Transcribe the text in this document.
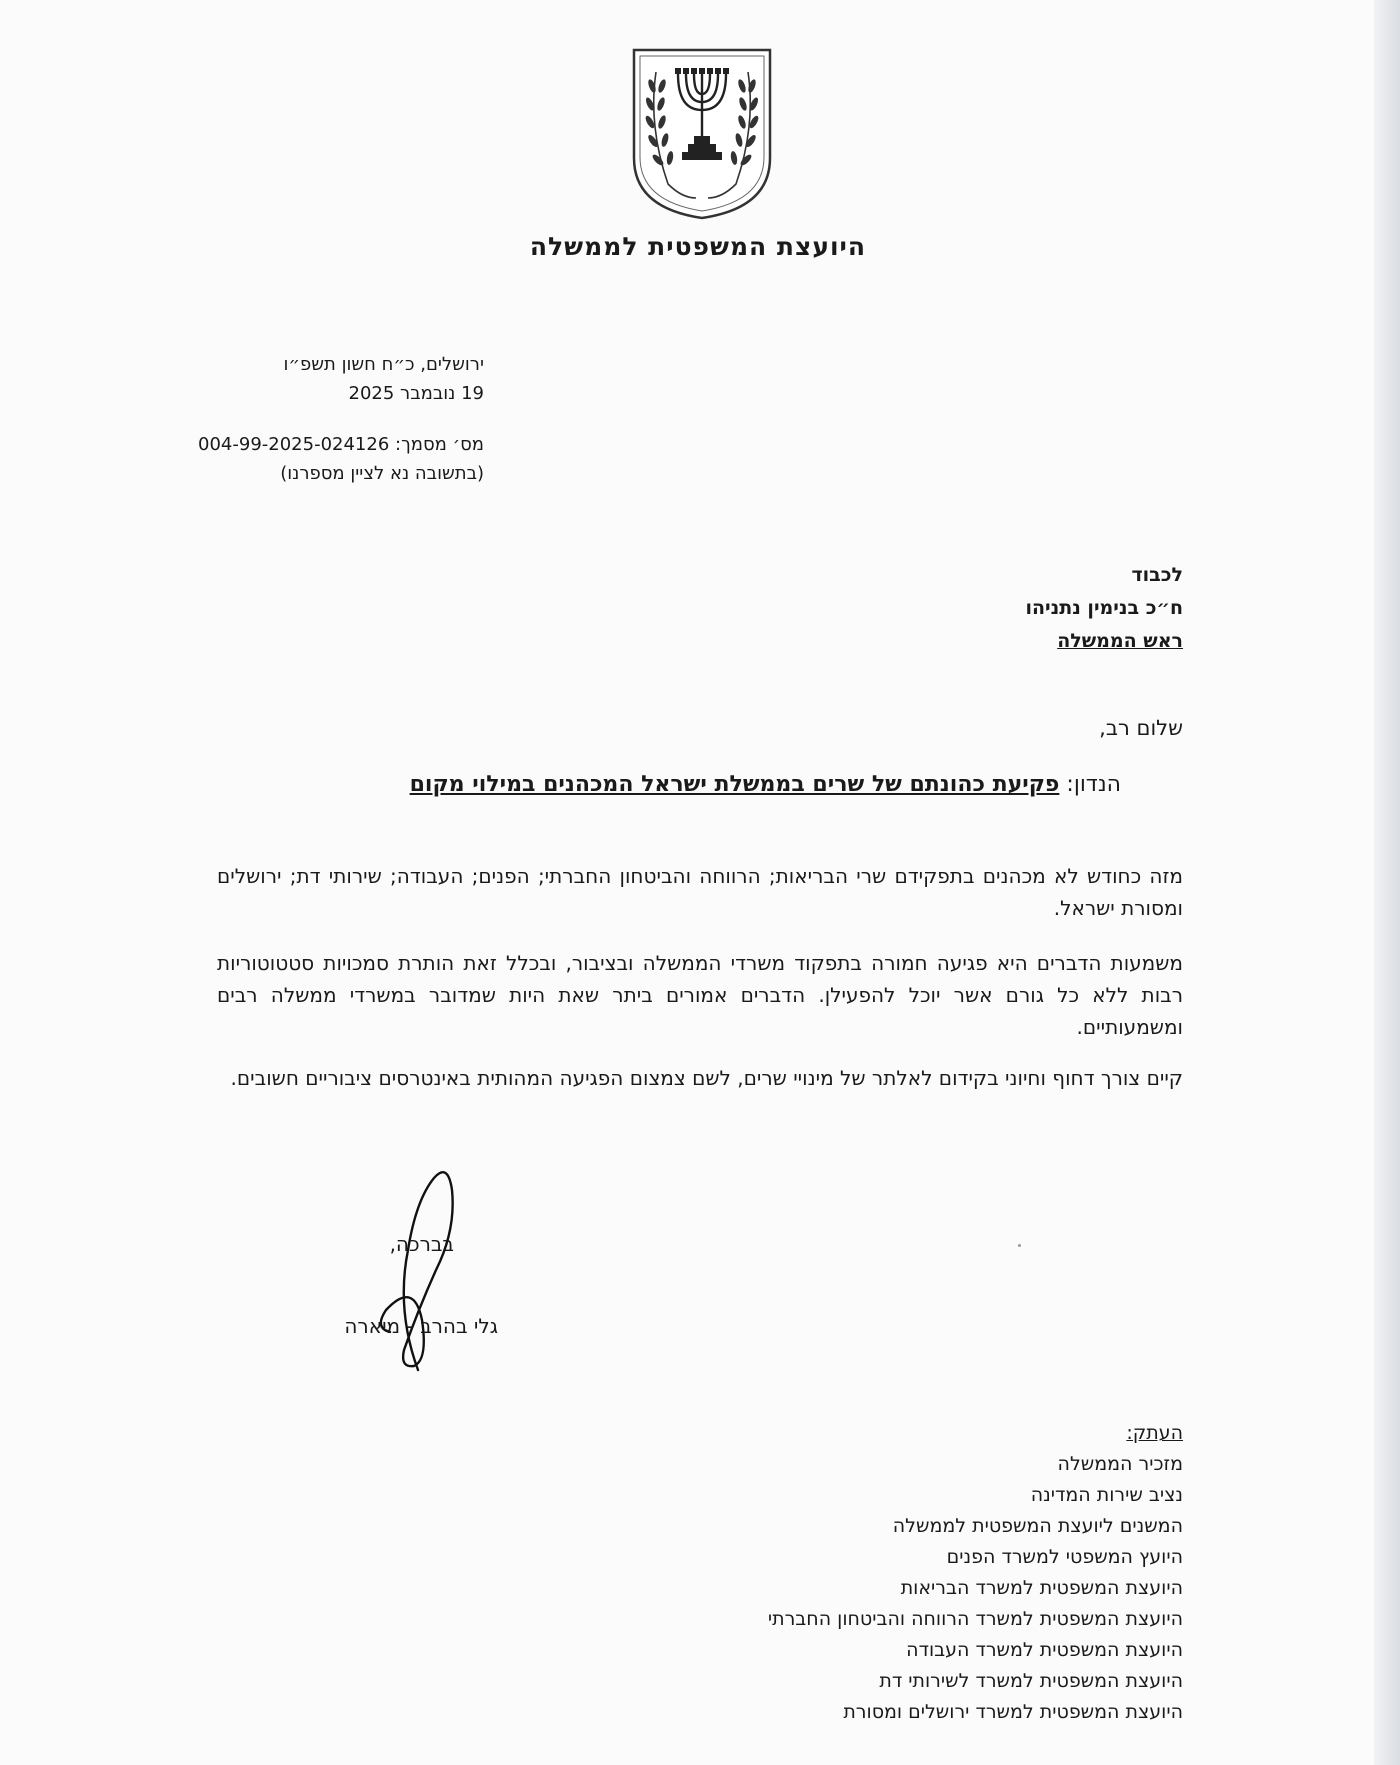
היועצת המשפטית לממשלה
ירושלים, כ״ח חשון תשפ״ו
19 נובמבר 2025
מס׳ מסמך: 004-99-2025-024126
(בתשובה נא לציין מספרנו)
לכבוד
ח״כ בנימין נתניהו
ראש הממשלה
שלום רב,
הנדון: פקיעת כהונתם של שרים בממשלת ישראל המכהנים במילוי מקום
מזה כחודש לא מכהנים בתפקידם שרי הבריאות; הרווחה והביטחון החברתי; הפנים; העבודה; שירותי דת; ירושלים ומסורת ישראל.
משמעות הדברים היא פגיעה חמורה בתפקוד משרדי הממשלה ובציבור, ובכלל זאת הותרת סמכויות סטטוטוריות רבות ללא כל גורם אשר יוכל להפעילן. הדברים אמורים ביתר שאת היות שמדובר במשרדי ממשלה רבים ומשמעותיים.
קיים צורך דחוף וחיוני בקידום לאלתר של מינויי שרים, לשם צמצום הפגיעה המהותית באינטרסים ציבוריים חשובים.
בברכה,
גלי בהרב - מיארה
העתק:
מזכיר הממשלה
נציב שירות המדינה
המשנים ליועצת המשפטית לממשלה
היועץ המשפטי למשרד הפנים
היועצת המשפטית למשרד הבריאות
היועצת המשפטית למשרד הרווחה והביטחון החברתי
היועצת המשפטית למשרד העבודה
היועצת המשפטית למשרד לשירותי דת
היועצת המשפטית למשרד ירושלים ומסורת
